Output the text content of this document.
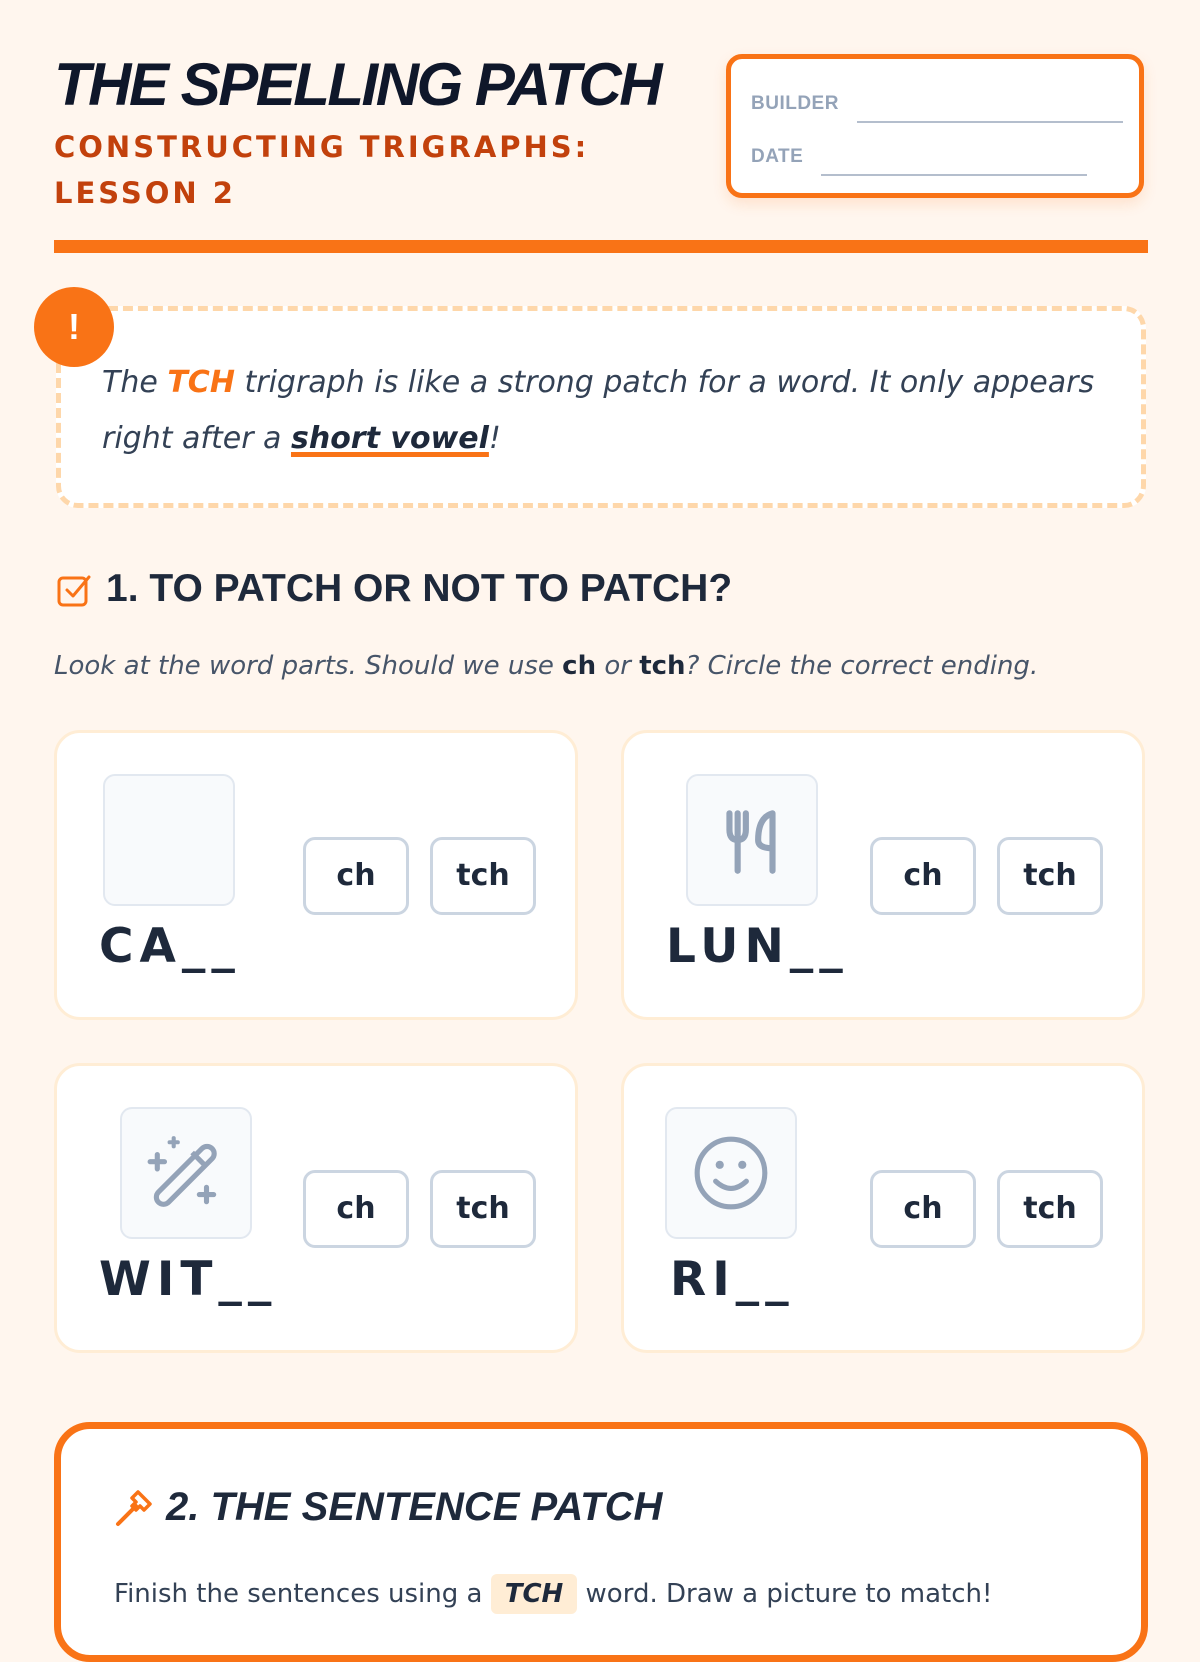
THE SPELLING PATCH
CONSTRUCTING TRIGRAPHS: LESSON 2
BUILDER
DATE
!
The TCH trigraph is like a strong patch for a word. It only appears right after a short vowel!
1. TO PATCH OR NOT TO PATCH?
Look at the word parts. Should we use ch or tch? Circle the correct ending.
CA__
ch	tch
LUN__
ch	tch
WIT__
ch	tch
RI__
ch	tch
2. THE SENTENCE PATCH
Finish the sentences using a TCH word. Draw a picture to match!
